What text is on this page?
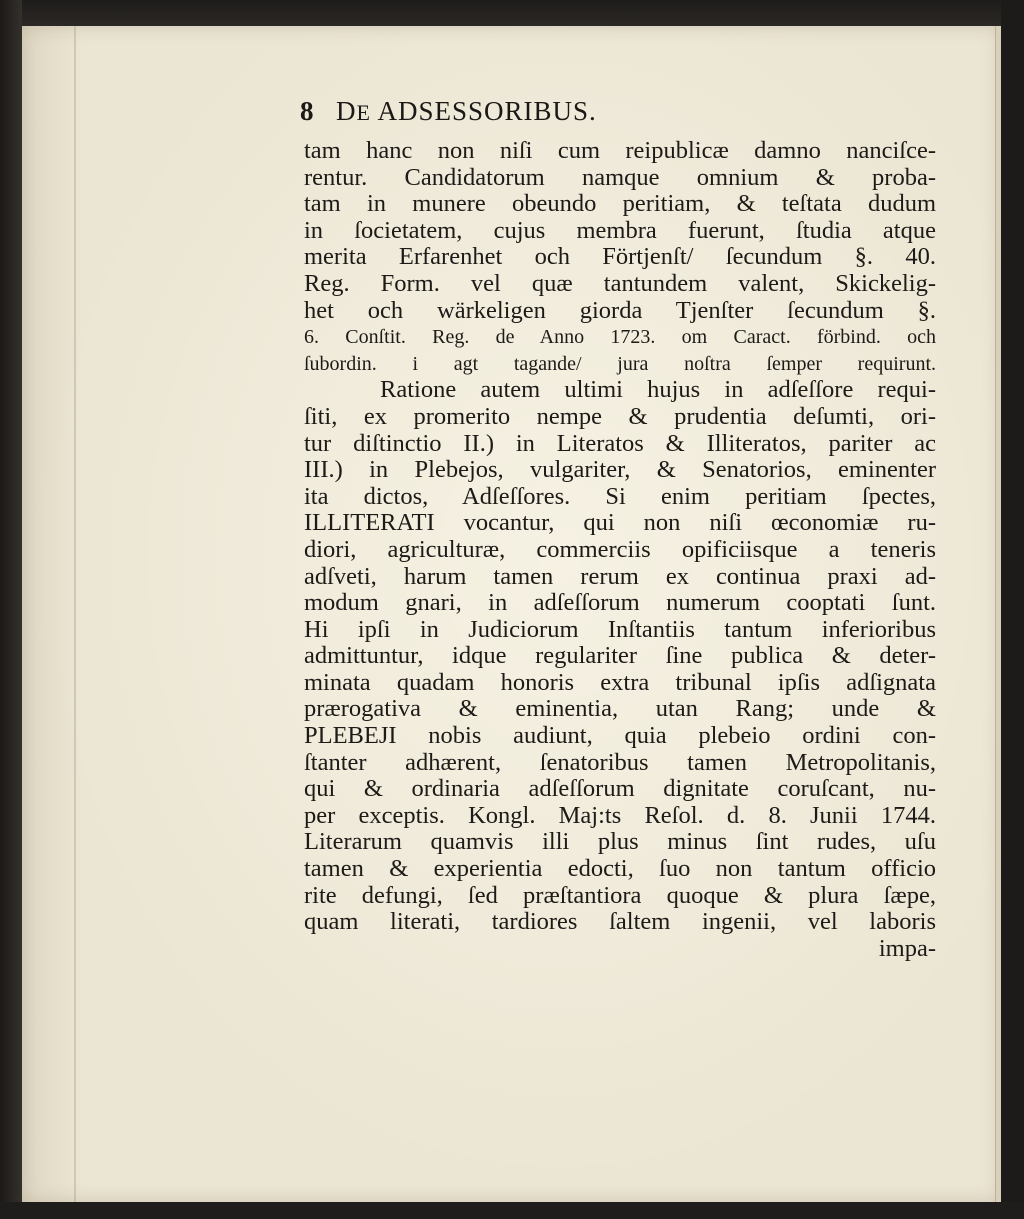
8 DE ADSESSORIBUS.
tam hanc non niſi cum reipublicæ damno nanciſce-
rentur. Candidatorum namque omnium & proba-
tam in munere obeundo peritiam, & teſtata dudum
in ſocietatem, cujus membra fuerunt, ſtudia atque
merita Erfarenhet och Förtjenſt/ ſecundum §. 40.
Reg. Form. vel quæ tantundem valent, Skickelig-
het och wärkeligen giorda Tjenſter ſecundum §.
6. Conſtit. Reg. de Anno 1723. om Caract. förbind. och
ſubordin. i agt tagande/ jura noſtra ſemper requirunt.
Ratione autem ultimi hujus in adſeſſore requi-
ſiti, ex promerito nempe & prudentia deſumti, ori-
tur diſtinctio II.) in Literatos & Illiteratos, pariter ac
III.) in Plebejos, vulgariter, & Senatorios, eminenter
ita dictos, Adſeſſores. Si enim peritiam ſpectes,
ILLITERATI vocantur, qui non niſi œconomiæ ru-
diori, agriculturæ, commerciis opificiisque a teneris
adſveti, harum tamen rerum ex continua praxi ad-
modum gnari, in adſeſſorum numerum cooptati ſunt.
Hi ipſi in Judiciorum Inſtantiis tantum inferioribus
admittuntur, idque regulariter ſine publica & deter-
minata quadam honoris extra tribunal ipſis adſignata
prærogativa & eminentia, utan Rang; unde &
PLEBEJI nobis audiunt, quia plebeio ordini con-
ſtanter adhærent, ſenatoribus tamen Metropolitanis,
qui & ordinaria adſeſſorum dignitate coruſcant, nu-
per exceptis. Kongl. Maj:ts Reſol. d. 8. Junii 1744.
Literarum quamvis illi plus minus ſint rudes, uſu
tamen & experientia edocti, ſuo non tantum officio
rite defungi, ſed præſtantiora quoque & plura ſæpe,
quam literati, tardiores ſaltem ingenii, vel laboris
impa-
